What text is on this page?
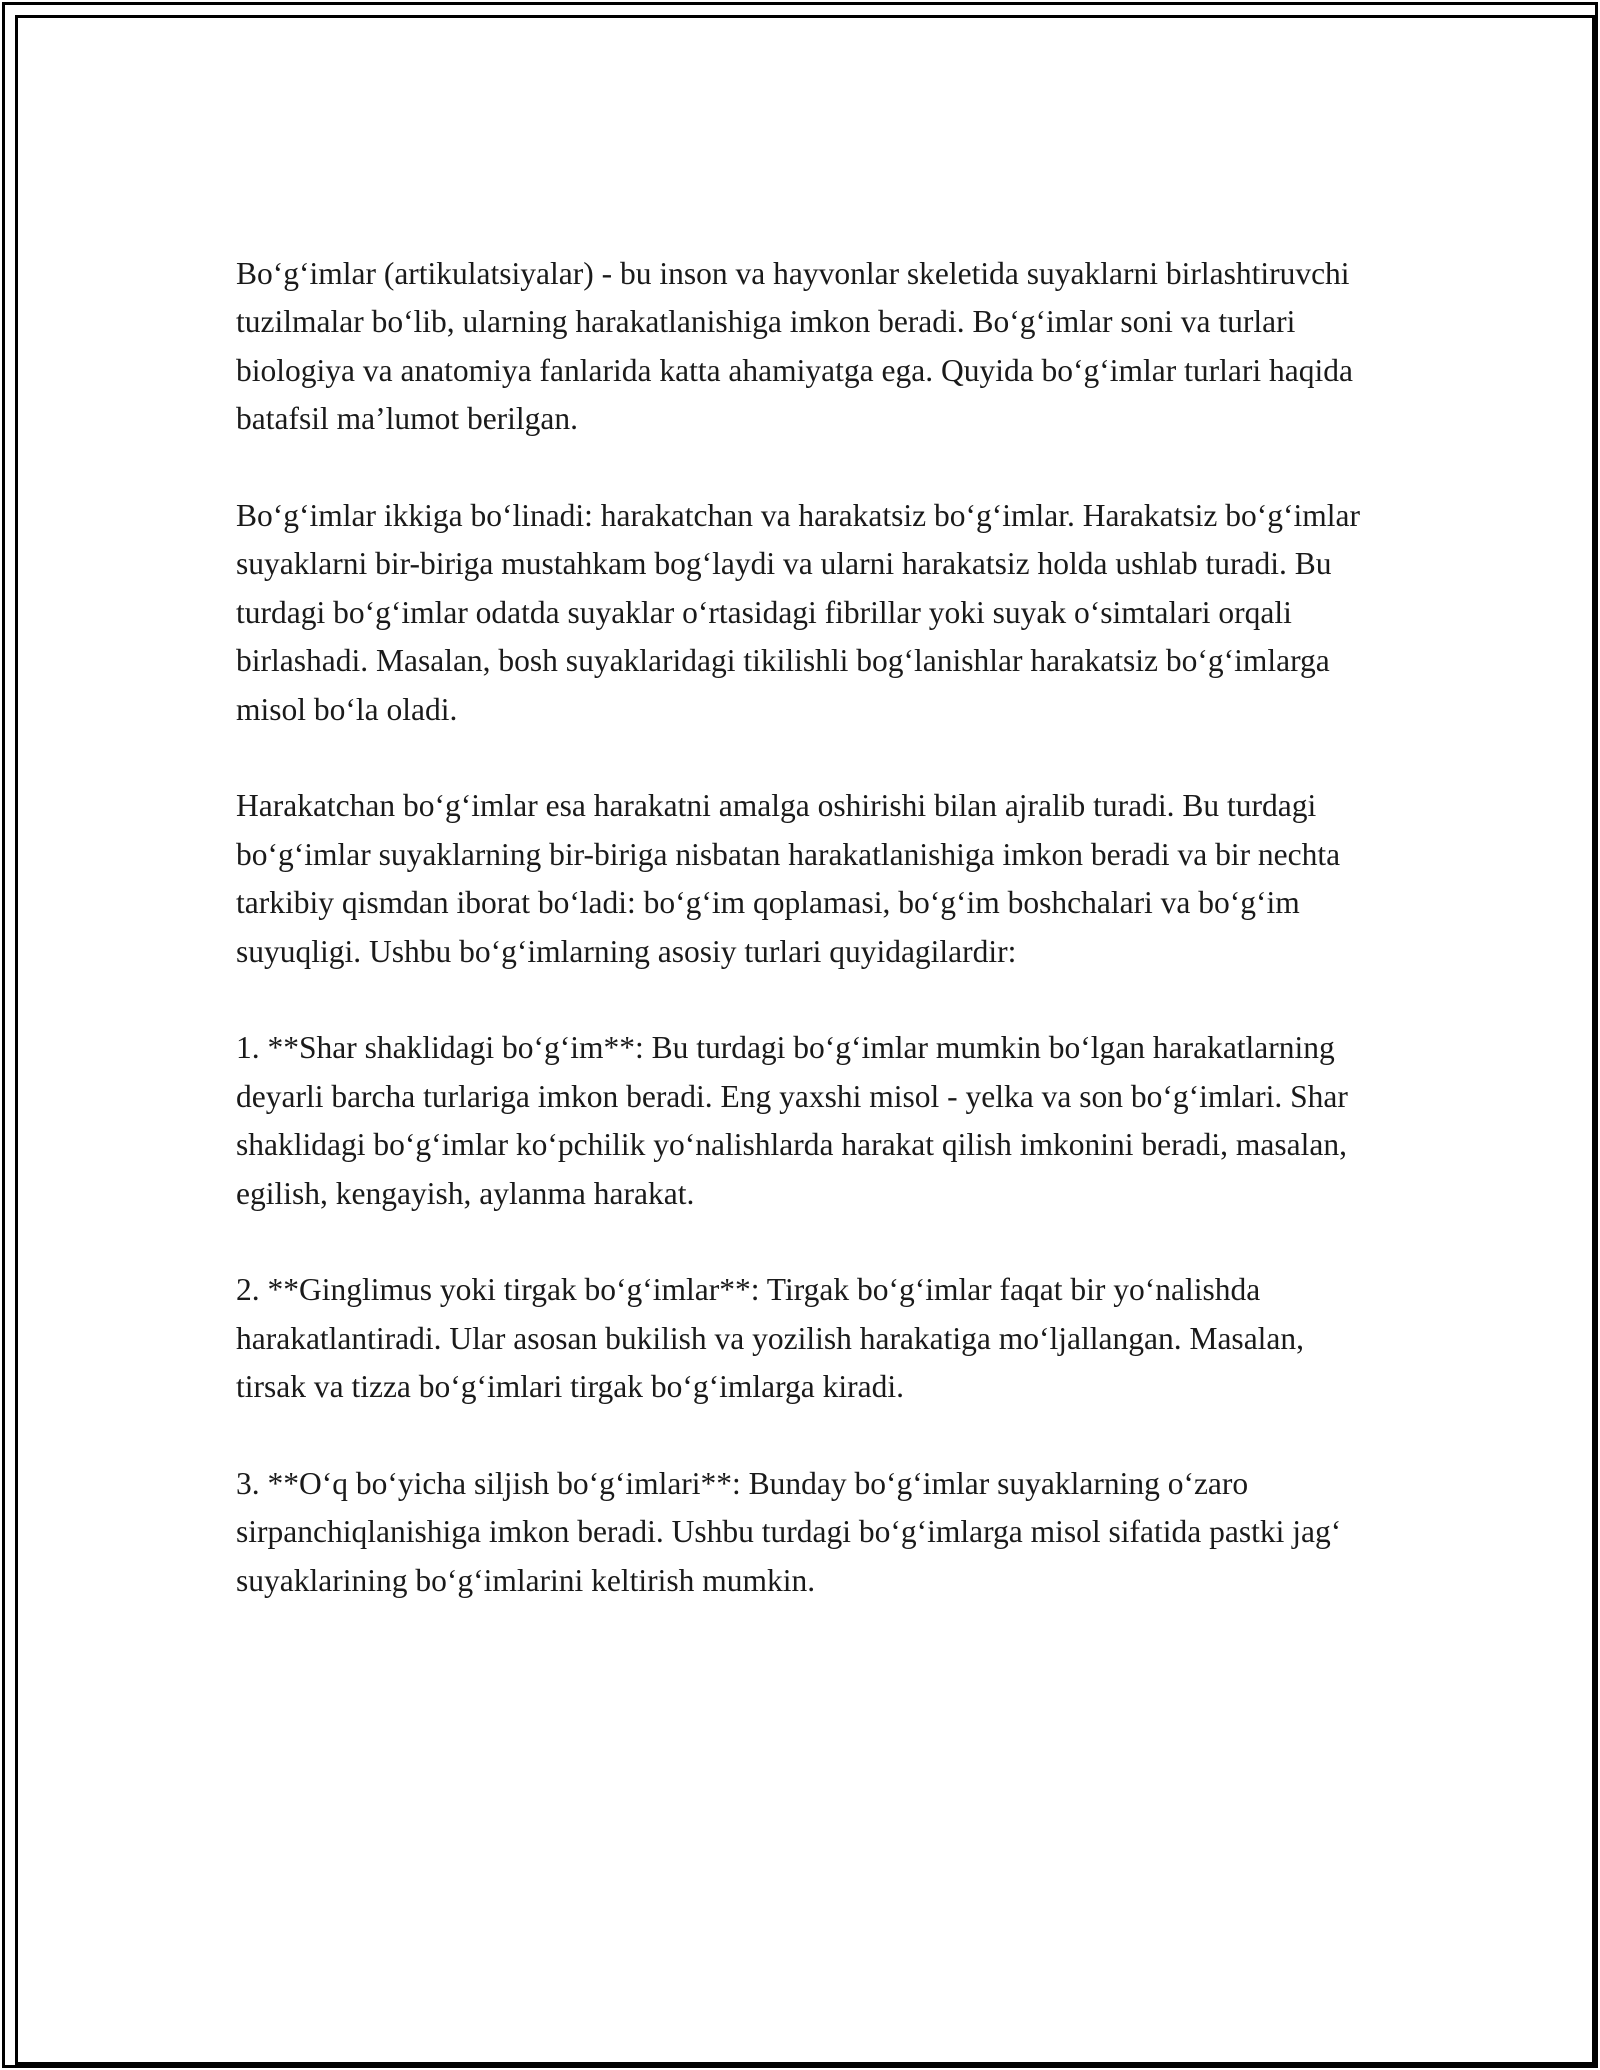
Bo‘g‘imlar (artikulatsiyalar) - bu inson va hayvonlar skeletida suyaklarni birlashtiruvchi tuzilmalar bo‘lib, ularning harakatlanishiga imkon beradi. Bo‘g‘imlar soni va turlari biologiya va anatomiya fanlarida katta ahamiyatga ega. Quyida bo‘g‘imlar turlari haqida batafsil ma’lumot berilgan.

Bo‘g‘imlar ikkiga bo‘linadi: harakatchan va harakatsiz bo‘g‘imlar. Harakatsiz bo‘g‘imlar suyaklarni bir-biriga mustahkam bog‘laydi va ularni harakatsiz holda ushlab turadi. Bu turdagi bo‘g‘imlar odatda suyaklar o‘rtasidagi fibrillar yoki suyak o‘simtalari orqali birlashadi. Masalan, bosh suyaklaridagi tikilishli bog‘lanishlar harakatsiz bo‘g‘imlarga misol bo‘la oladi.

Harakatchan bo‘g‘imlar esa harakatni amalga oshirishi bilan ajralib turadi. Bu turdagi bo‘g‘imlar suyaklarning bir-biriga nisbatan harakatlanishiga imkon beradi va bir nechta tarkibiy qismdan iborat bo‘ladi: bo‘g‘im qoplamasi, bo‘g‘im boshchalari va bo‘g‘im suyuqligi. Ushbu bo‘g‘imlarning asosiy turlari quyidagilardir:

1. **Shar shaklidagi bo‘g‘im**: Bu turdagi bo‘g‘imlar mumkin bo‘lgan harakatlarning deyarli barcha turlariga imkon beradi. Eng yaxshi misol - yelka va son bo‘g‘imlari. Shar shaklidagi bo‘g‘imlar ko‘pchilik yo‘nalishlarda harakat qilish imkonini beradi, masalan, egilish, kengayish, aylanma harakat.

2. **Ginglimus yoki tirgak bo‘g‘imlar**: Tirgak bo‘g‘imlar faqat bir yo‘nalishda harakatlantiradi. Ular asosan bukilish va yozilish harakatiga mo‘ljallangan. Masalan, tirsak va tizza bo‘g‘imlari tirgak bo‘g‘imlarga kiradi.

3. **O‘q bo‘yicha siljish bo‘g‘imlari**: Bunday bo‘g‘imlar suyaklarning o‘zaro sirpanchiqlanishiga imkon beradi. Ushbu turdagi bo‘g‘imlarga misol sifatida pastki jag‘ suyaklarining bo‘g‘imlarini keltirish mumkin.
